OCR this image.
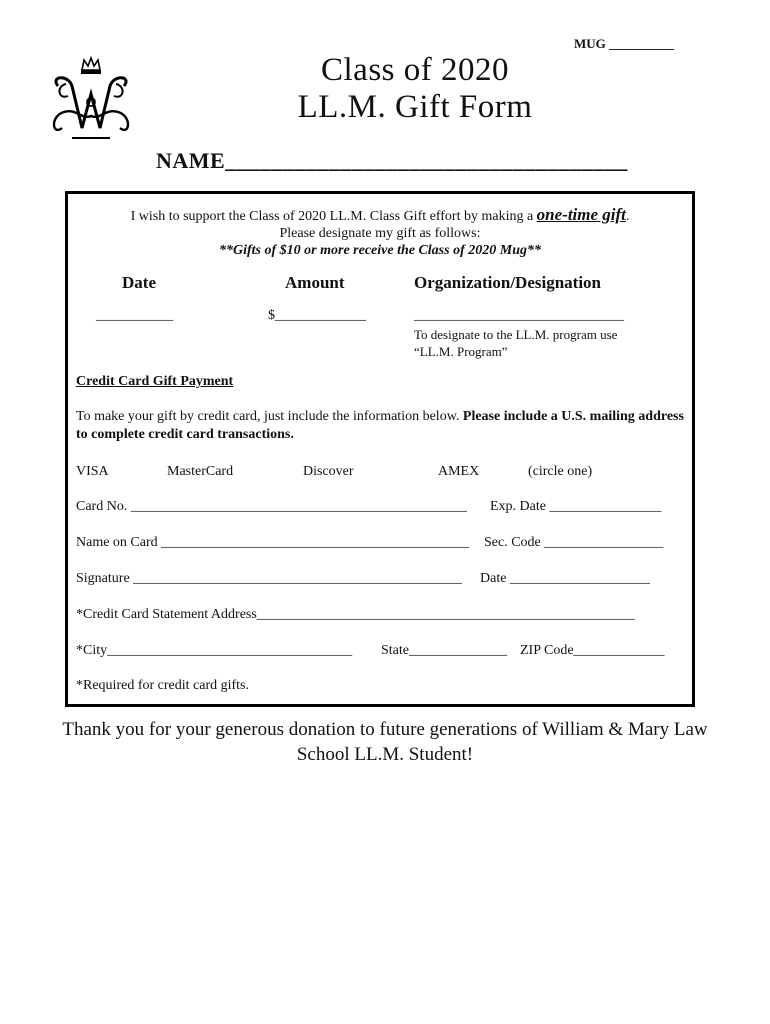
MUG __________
Class of 2020
LL.M. Gift Form
NAME___________________________________
I wish to support the Class of 2020 LL.M. Class Gift effort by making a one-time gift.
Please designate my gift as follows:
**Gifts of $10 or more receive the Class of 2020 Mug**
Date	Amount	Organization/Designation
___________	$_____________	______________________________
To designate to the LL.M. program use
“LL.M. Program”
Credit Card Gift Payment
To make your gift by credit card, just include the information below. Please include a U.S. mailing address to complete credit card transactions.
VISA	MasterCard	Discover	AMEX	(circle one)
Card No. ________________________________________________ Exp. Date ________________
Name on Card ____________________________________________ Sec. Code _________________
Signature _______________________________________________ Date ____________________
*Credit Card Statement Address______________________________________________________
*City___________________________________ State______________ ZIP Code_____________
*Required for credit card gifts.
Thank you for your generous donation to future generations of William & Mary Law School LL.M. Student!
